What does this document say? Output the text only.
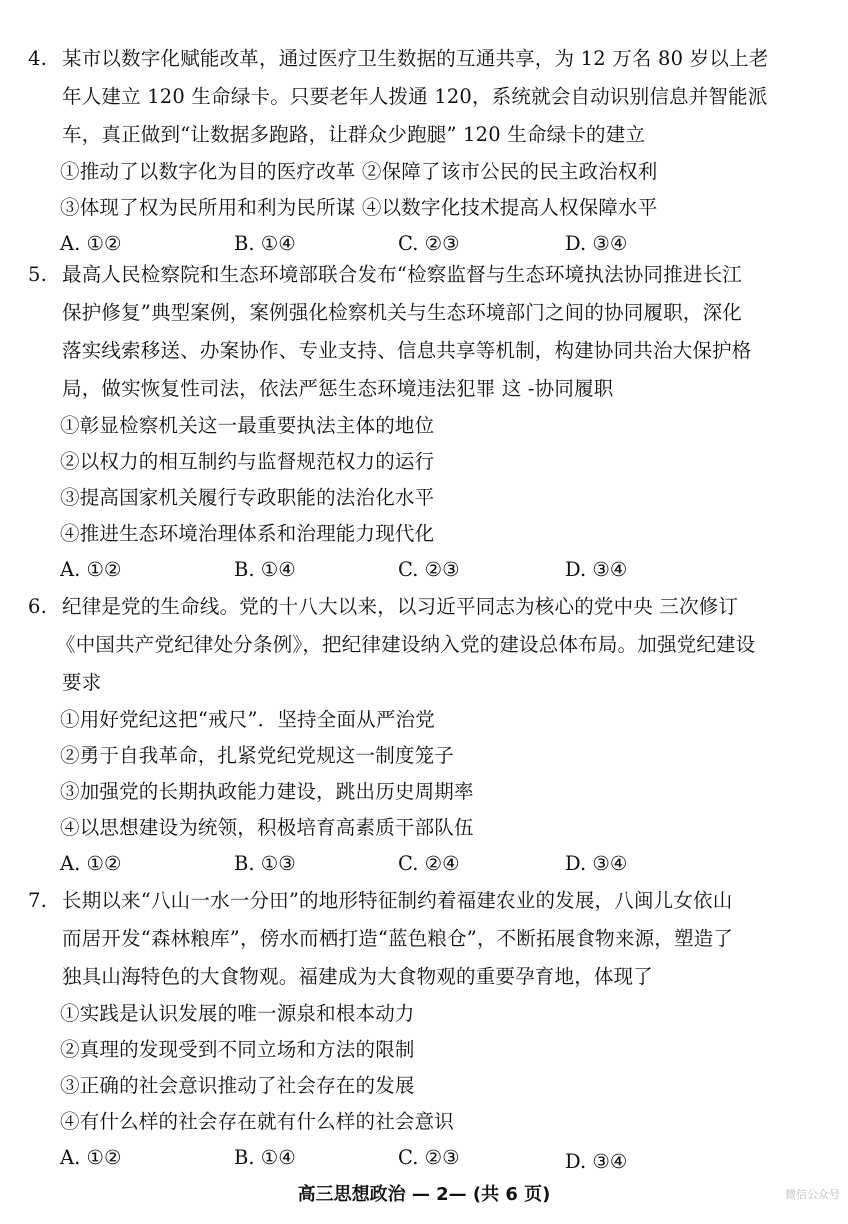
4. 某市以数字化赋能改革，通过医疗卫生数据的互通共享，为 12 万名 80 岁以上老
年人建立 120 生命绿卡。只要老年人拨通 120，系统就会自动识别信息并智能派
车，真正做到“让数据多跑路，让群众少跑腿” 120 生命绿卡的建立
①推动了以数字化为目的医疗改革 ②保障了该市公民的民主政治权利
③体现了权为民所用和利为民所谋 ④以数字化技术提高人权保障水平
A. ①②	B. ①④	C. ②③	D. ③④
5. 最高人民检察院和生态环境部联合发布“检察监督与生态环境执法协同推进长江
保护修复”典型案例，案例强化检察机关与生态环境部门之间的协同履职，深化
落实线索移送、办案协作、专业支持、信息共享等机制，构建协同共治大保护格
局，做实恢复性司法，依法严惩生态环境违法犯罪 这 -协同履职
①彰显检察机关这一最重要执法主体的地位
②以权力的相互制约与监督规范权力的运行
③提高国家机关履行专政职能的法治化水平
④推进生态环境治理体系和治理能力现代化
A. ①②	B. ①④	C. ②③	D. ③④
6. 纪律是党的生命线。党的十八大以来，以习近平同志为核心的党中央 三次修订
《中国共产党纪律处分条例》，把纪律建设纳入党的建设总体布局。加强党纪建设
要求
①用好党纪这把“戒尺”．坚持全面从严治党
②勇于自我革命，扎紧党纪党规这一制度笼子
③加强党的长期执政能力建设，跳出历史周期率
④以思想建设为统领，积极培育高素质干部队伍
A. ①②	B. ①③	C. ②④	D. ③④
7. 长期以来“八山一水一分田”的地形特征制约着福建农业的发展，八闽儿女依山
而居开发“森林粮库”，傍水而栖打造“蓝色粮仓”，不断拓展食物来源，塑造了
独具山海特色的大食物观。福建成为大食物观的重要孕育地，体现了
①实践是认识发展的唯一源泉和根本动力
②真理的发现受到不同立场和方法的限制
③正确的社会意识推动了社会存在的发展
④有什么样的社会存在就有什么样的社会意识
A. ①②	B. ①④	C. ②③	D. ③④
高三思想政治 — 2— (共 6 页)	微信公众号
